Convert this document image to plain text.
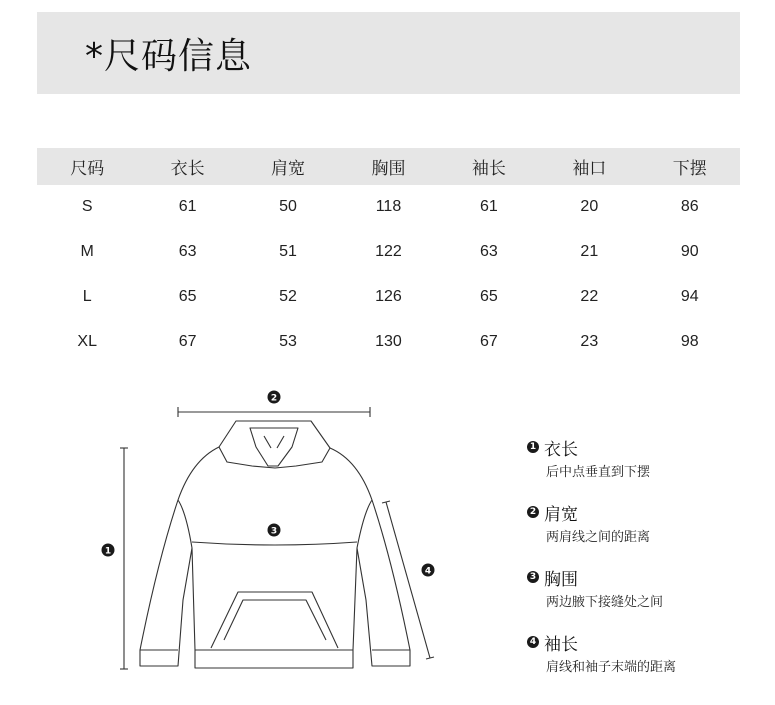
*尺码信息
尺码	衣长	肩宽	胸围	袖长	袖口	下摆
S	61	50	118	61	20	86
M	63	51	122	63	21	90
L	65	52	126	65	22	94
XL	67	53	130	67	23	98
2
1
3
4
1 衣长
后中点垂直到下摆
2 肩宽
两肩线之间的距离
3 胸围
两边腋下接缝处之间
4 袖长
肩线和袖子末端的距离
